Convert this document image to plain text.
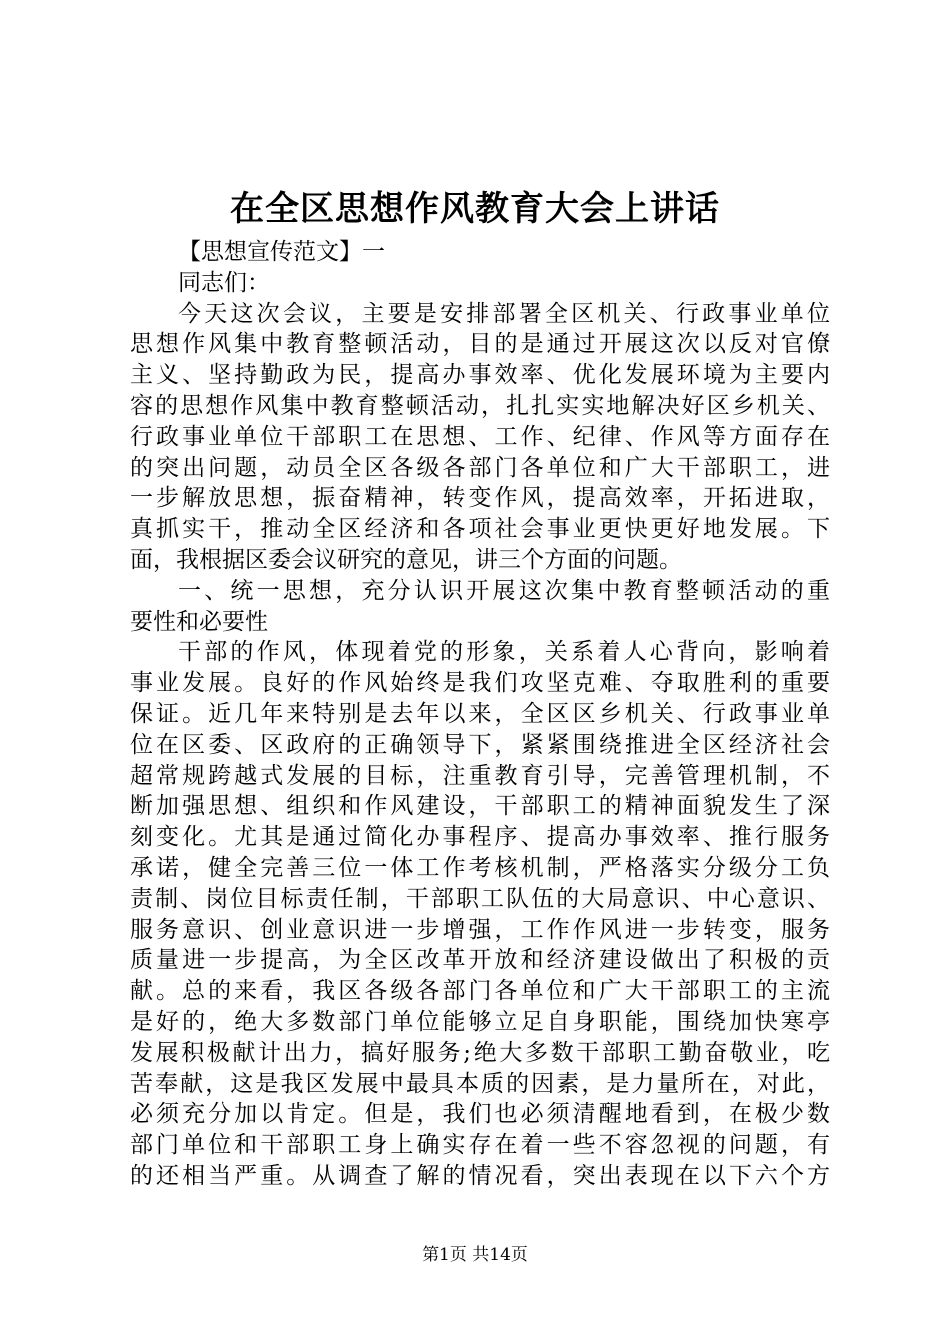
在全区思想作风教育大会上讲话
【思想宣传范文】一
同志们：
今天这次会议，主要是安排部署全区机关、行政事业单位
思想作风集中教育整顿活动，目的是通过开展这次以反对官僚
主义、坚持勤政为民，提高办事效率、优化发展环境为主要内
容的思想作风集中教育整顿活动，扎扎实实地解决好区乡机关、
行政事业单位干部职工在思想、工作、纪律、作风等方面存在
的突出问题，动员全区各级各部门各单位和广大干部职工，进
一步解放思想，振奋精神，转变作风，提高效率，开拓进取，
真抓实干，推动全区经济和各项社会事业更快更好地发展。下
面，我根据区委会议研究的意见，讲三个方面的问题。
一、统一思想，充分认识开展这次集中教育整顿活动的重
要性和必要性
干部的作风，体现着党的形象，关系着人心背向，影响着
事业发展。良好的作风始终是我们攻坚克难、夺取胜利的重要
保证。近几年来特别是去年以来，全区区乡机关、行政事业单
位在区委、区政府的正确领导下，紧紧围绕推进全区经济社会
超常规跨越式发展的目标，注重教育引导，完善管理机制，不
断加强思想、组织和作风建设，干部职工的精神面貌发生了深
刻变化。尤其是通过简化办事程序、提高办事效率、推行服务
承诺，健全完善三位一体工作考核机制，严格落实分级分工负
责制、岗位目标责任制，干部职工队伍的大局意识、中心意识、
服务意识、创业意识进一步增强，工作作风进一步转变，服务
质量进一步提高，为全区改革开放和经济建设做出了积极的贡
献。总的来看，我区各级各部门各单位和广大干部职工的主流
是好的，绝大多数部门单位能够立足自身职能，围绕加快寒亭
发展积极献计出力，搞好服务;绝大多数干部职工勤奋敬业，吃
苦奉献，这是我区发展中最具本质的因素，是力量所在，对此，
必须充分加以肯定。但是，我们也必须清醒地看到，在极少数
部门单位和干部职工身上确实存在着一些不容忽视的问题，有
的还相当严重。从调查了解的情况看，突出表现在以下六个方
第1页 共14页
